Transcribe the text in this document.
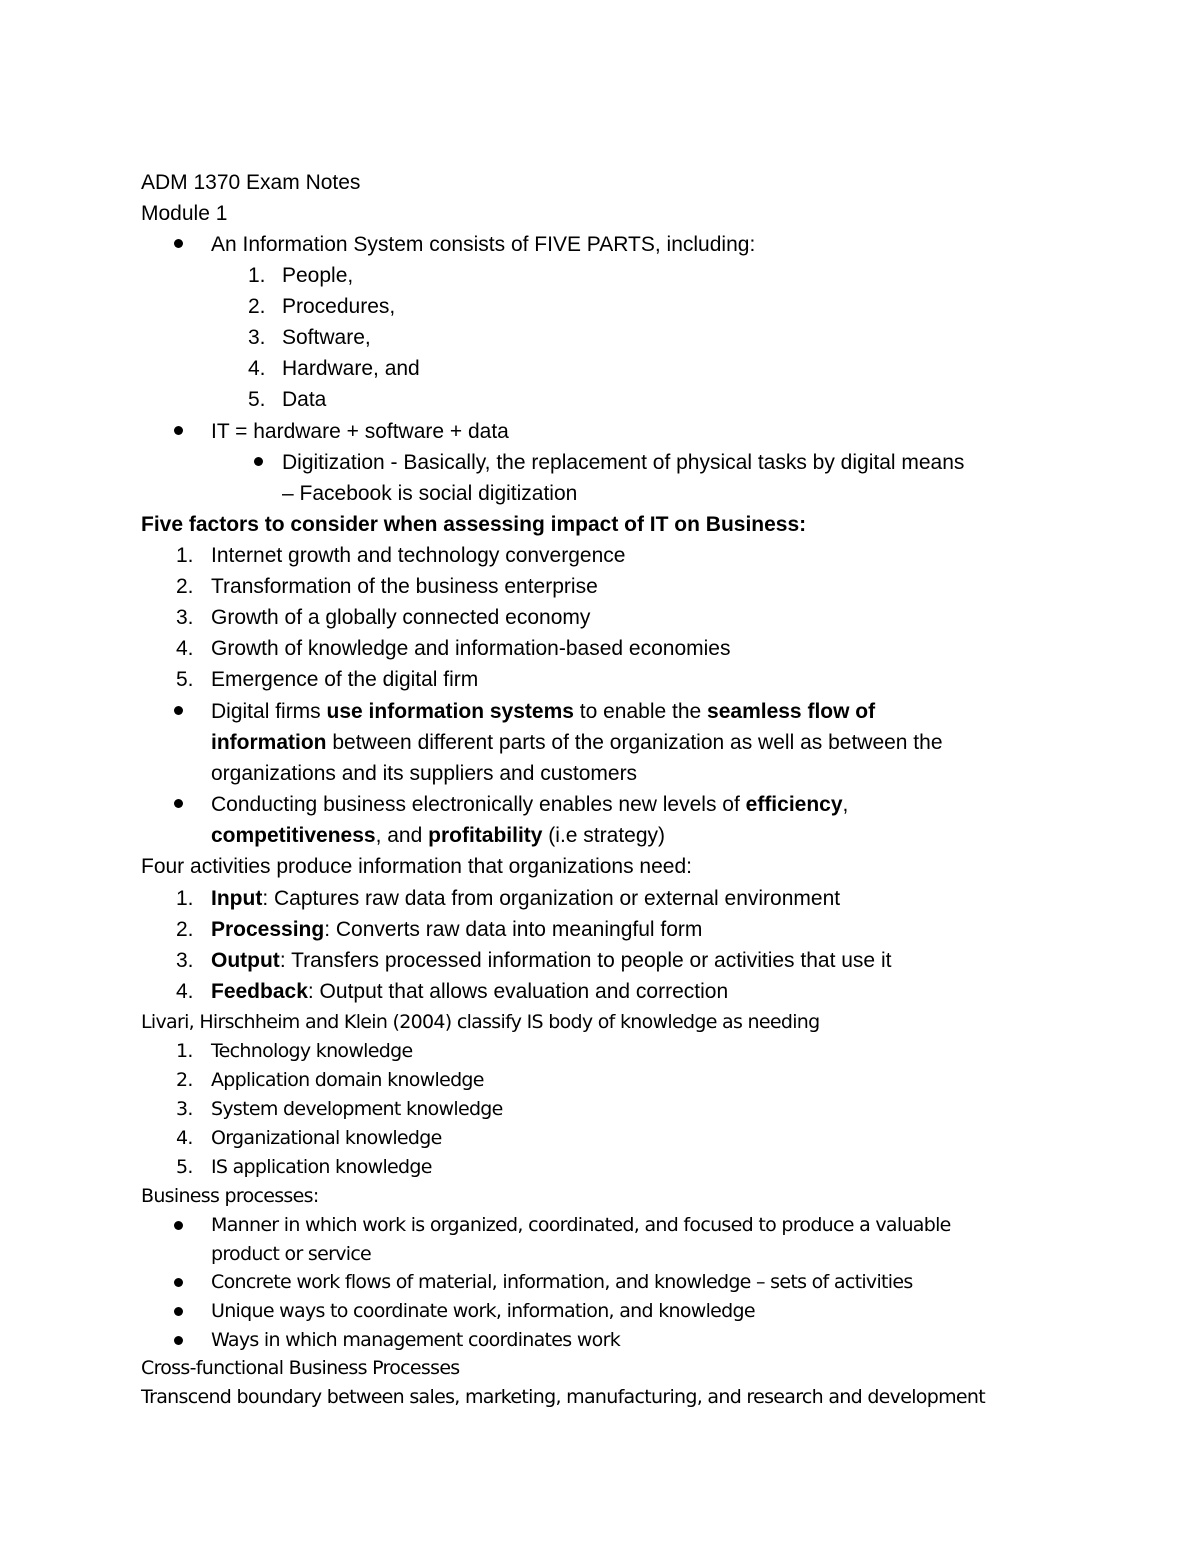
ADM 1370 Exam Notes
Module 1
An Information System consists of FIVE PARTS, including:
1. People,
2. Procedures,
3. Software,
4. Hardware, and
5. Data
IT = hardware + software + data
Digitization - Basically, the replacement of physical tasks by digital means
– Facebook is social digitization
Five factors to consider when assessing impact of IT on Business:
1. Internet growth and technology convergence
2. Transformation of the business enterprise
3. Growth of a globally connected economy
4. Growth of knowledge and information-based economies
5. Emergence of the digital firm
Digital firms use information systems to enable the seamless flow of
information between different parts of the organization as well as between the
organizations and its suppliers and customers
Conducting business electronically enables new levels of efficiency,
competitiveness, and profitability (i.e strategy)
Four activities produce information that organizations need:
1. Input: Captures raw data from organization or external environment
2. Processing: Converts raw data into meaningful form
3. Output: Transfers processed information to people or activities that use it
4. Feedback: Output that allows evaluation and correction
Livari, Hirschheim and Klein (2004) classify IS body of knowledge as needing
1. Technology knowledge
2. Application domain knowledge
3. System development knowledge
4. Organizational knowledge
5. IS application knowledge
Business processes:
Manner in which work is organized, coordinated, and focused to produce a valuable
product or service
Concrete work flows of material, information, and knowledge – sets of activities
Unique ways to coordinate work, information, and knowledge
Ways in which management coordinates work
Cross-functional Business Processes
Transcend boundary between sales, marketing, manufacturing, and research and development
